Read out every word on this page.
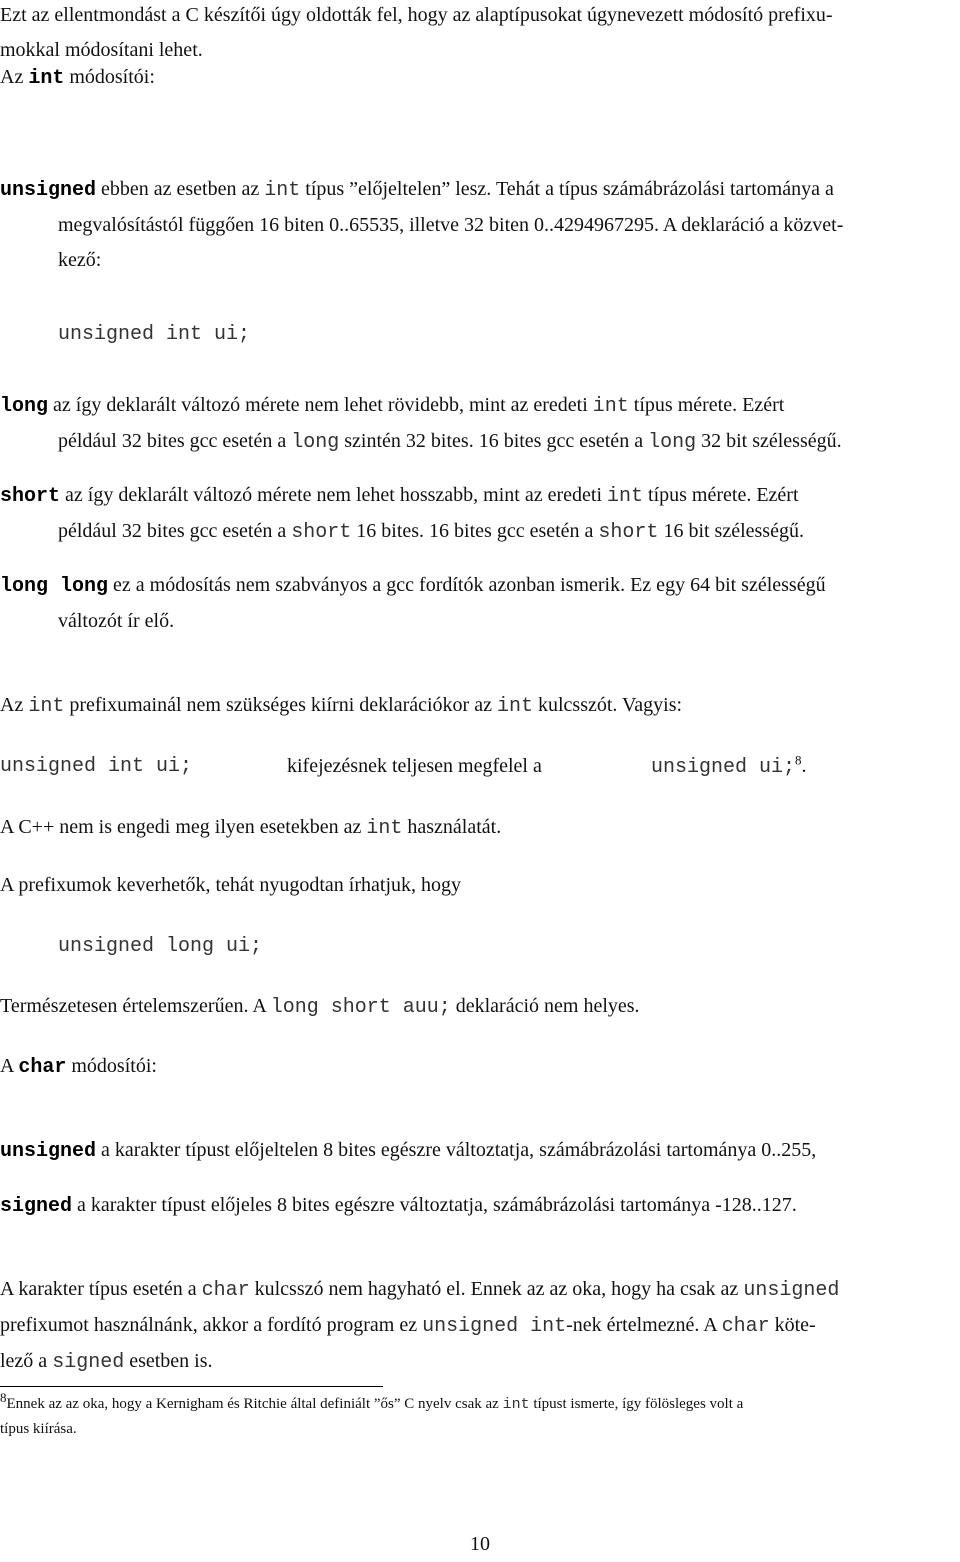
Ezt az ellentmondást a C készítői úgy oldották fel, hogy az alaptípusokat úgynevezett módosító prefixu-
mokkal módosítani lehet.
Az int módosítói:
unsigned ebben az esetben az int típus ”előjeltelen” lesz. Tehát a típus számábrázolási tartománya a
megvalósítástól függően 16 biten 0..65535, illetve 32 biten 0..4294967295. A deklaráció a közvet-
kező:
unsigned int ui;
long az így deklarált változó mérete nem lehet rövidebb, mint az eredeti int típus mérete. Ezért
például 32 bites gcc esetén a long szintén 32 bites. 16 bites gcc esetén a long 32 bit szélességű.
short az így deklarált változó mérete nem lehet hosszabb, mint az eredeti int típus mérete. Ezért
például 32 bites gcc esetén a short 16 bites. 16 bites gcc esetén a short 16 bit szélességű.
long long ez a módosítás nem szabványos a gcc fordítók azonban ismerik. Ez egy 64 bit szélességű
változót ír elő.
Az int prefixumainál nem szükséges kiírni deklarációkor az int kulcsszót. Vagyis:
unsigned int ui;	kifejezésnek teljesen megfelel a	unsigned ui;$^8$.
A C++ nem is engedi meg ilyen esetekben az int használatát.
A prefixumok keverhetők, tehát nyugodtan írhatjuk, hogy
unsigned long ui;
Természetesen értelemszerűen. A long short auu; deklaráció nem helyes.
A char módosítói:
unsigned a karakter típust előjeltelen 8 bites egészre változtatja, számábrázolási tartománya 0..255,
signed a karakter típust előjeles 8 bites egészre változtatja, számábrázolási tartománya -128..127.
A karakter típus esetén a char kulcsszó nem hagyható el. Ennek az az oka, hogy ha csak az unsigned
prefixumot használnánk, akkor a fordító program ez unsigned int-nek értelmezné. A char köte-
lező a signed esetben is.
8Ennek az az oka, hogy a Kernigham és Ritchie által definiált ”ős” C nyelv csak az int típust ismerte, így fölösleges volt a
típus kiírása.
10
